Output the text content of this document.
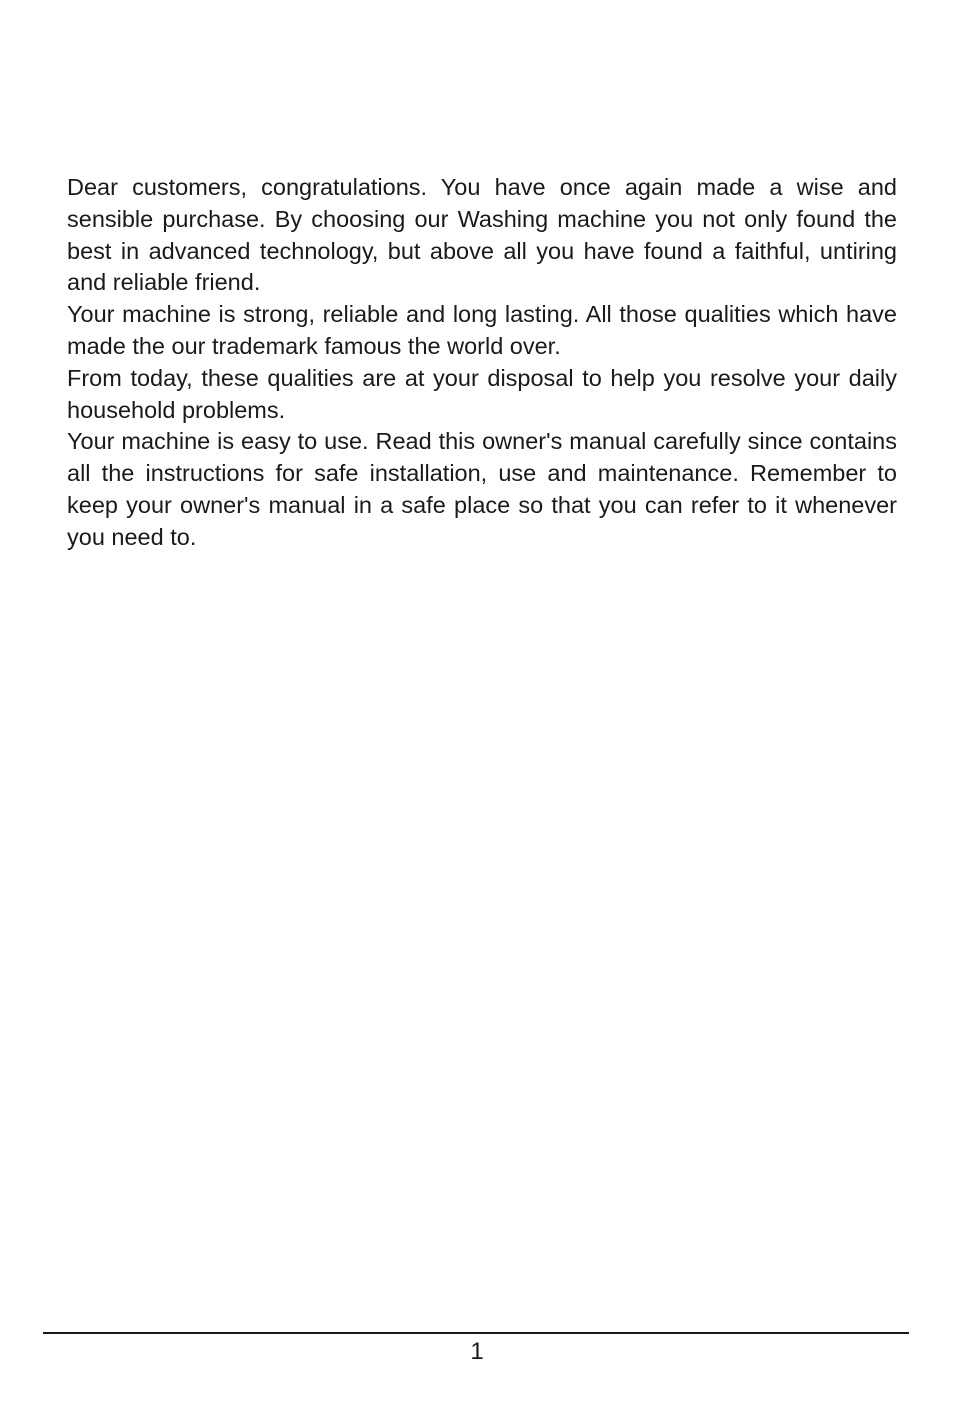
Dear customers, congratulations. You have once again made a wise and sensible purchase. By choosing our Washing machine you not only found the best in advanced technology, but above all you have found a faithful, untiring and reliable friend.

Your machine is strong, reliable and long lasting. All those qualities which have made the our trademark famous the world over.

From today, these qualities are at your disposal to help you resolve your daily household problems.

Your machine is easy to use. Read this owner's manual carefully since contains all the instructions for safe installation, use and maintenance. Remember to keep your owner's manual in a safe place so that you can refer to it whenever you need to.

1
